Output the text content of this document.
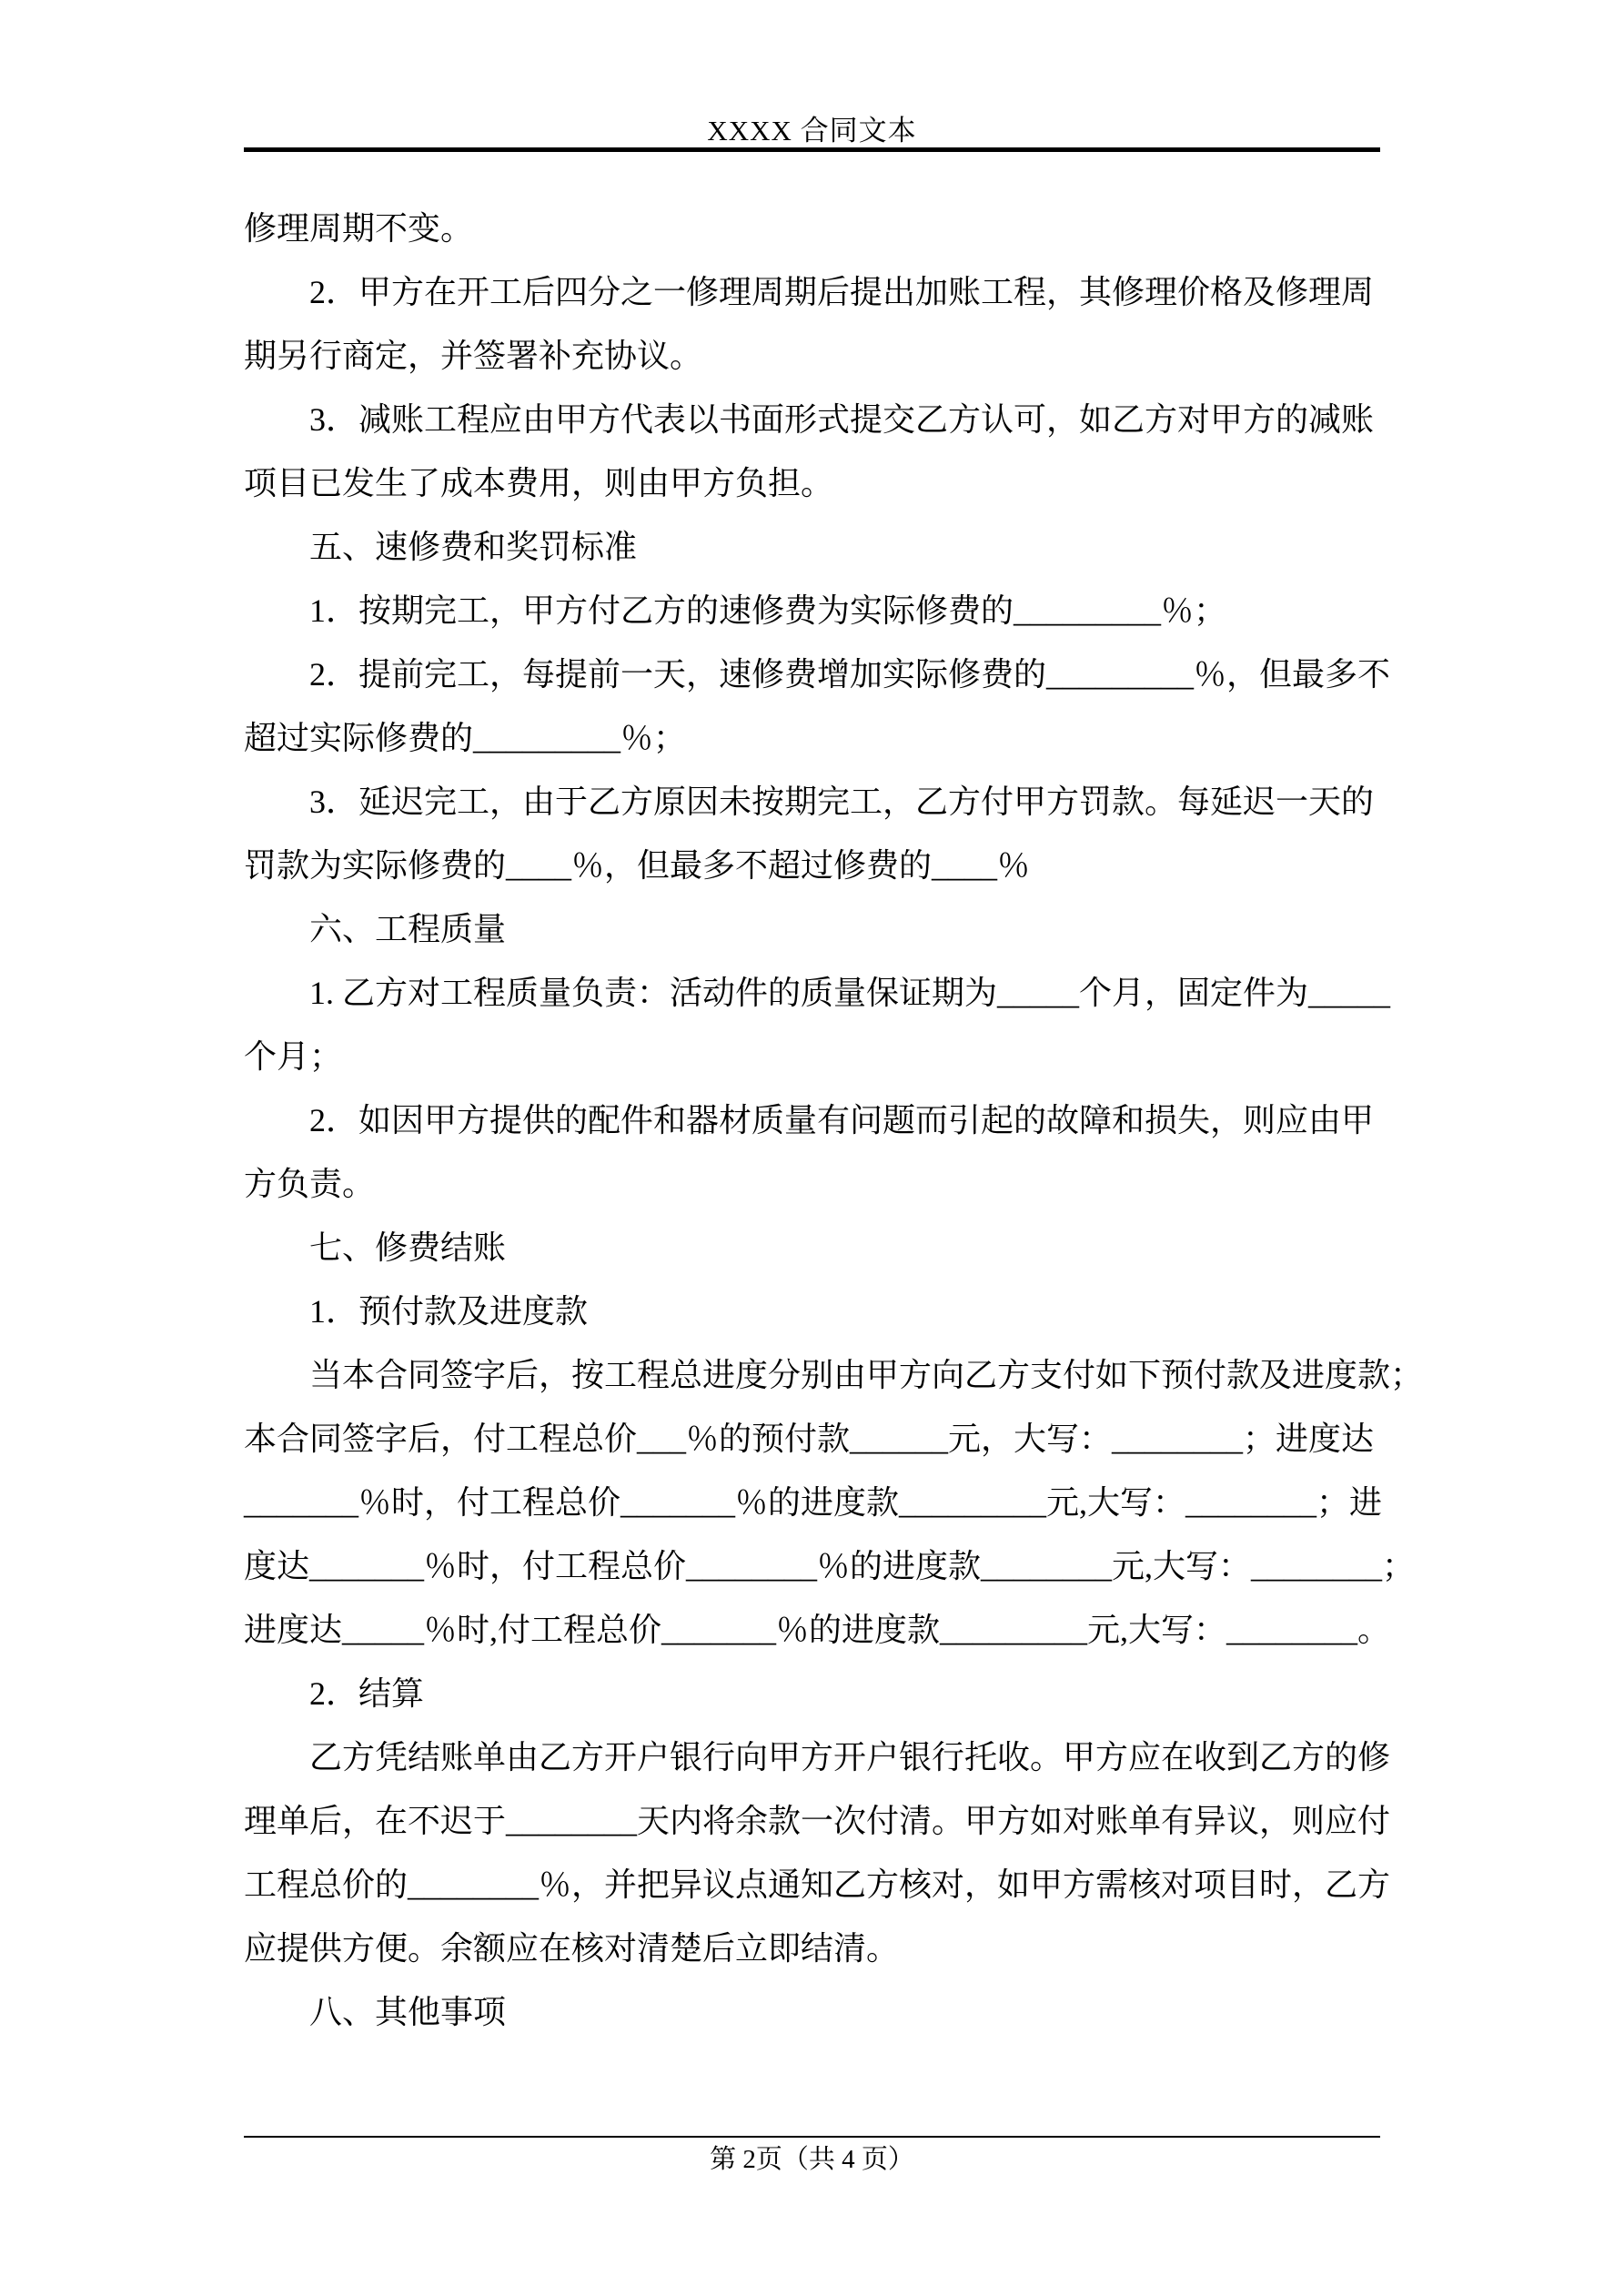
XXXX 合同文本
修理周期不变。
2．甲方在开工后四分之一修理周期后提出加账工程，其修理价格及修理周
期另行商定，并签署补充协议。
3．减账工程应由甲方代表以书面形式提交乙方认可，如乙方对甲方的减账
项目已发生了成本费用，则由甲方负担。
五、速修费和奖罚标准
1．按期完工，甲方付乙方的速修费为实际修费的_________％；
2．提前完工，每提前一天，速修费增加实际修费的_________％，但最多不
超过实际修费的_________％；
3．延迟完工，由于乙方原因未按期完工，乙方付甲方罚款。每延迟一天的
罚款为实际修费的____％，但最多不超过修费的____％
六、工程质量
1. 乙方对工程质量负责：活动件的质量保证期为_____个月，固定件为_____
个月；
2．如因甲方提供的配件和器材质量有问题而引起的故障和损失，则应由甲
方负责。
七、修费结账
1．预付款及进度款
当本合同签字后，按工程总进度分别由甲方向乙方支付如下预付款及进度款；
本合同签字后，付工程总价___％的预付款______元，大写：________；进度达
_______％时，付工程总价_______％的进度款_________元,大写：________；进
度达_______％时，付工程总价________％的进度款________元,大写：________；
进度达_____％时,付工程总价_______％的进度款_________元,大写：________。
2．结算
乙方凭结账单由乙方开户银行向甲方开户银行托收。甲方应在收到乙方的修
理单后，在不迟于________天内将余款一次付清。甲方如对账单有异议，则应付
工程总价的________％，并把异议点通知乙方核对，如甲方需核对项目时，乙方
应提供方便。余额应在核对清楚后立即结清。
八、其他事项
第 2页（共 4 页）
